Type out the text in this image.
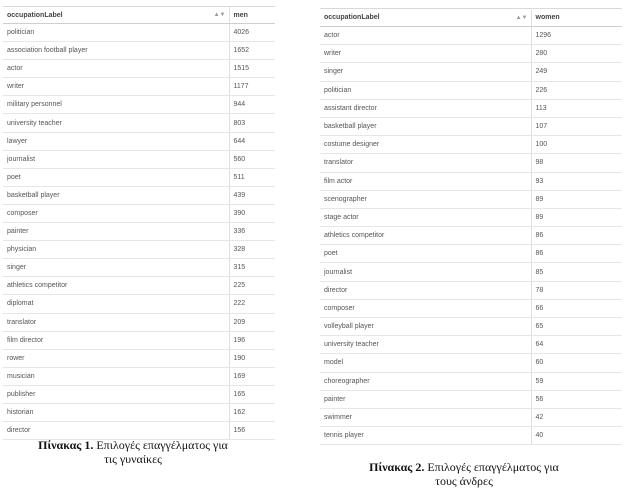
occupationLabel ▲▼	men
politician	4026
association football player	1652
actor	1515
writer	1177
military personnel	944
university teacher	803
lawyer	644
journalist	560
poet	511
basketball player	439
composer	390
painter	336
physician	328
singer	315
athletics competitor	225
diplomat	222
translator	209
film director	196
rower	190
musician	169
publisher	165
historian	162
director	156
occupationLabel ▲▼	women
actor	1296
writer	280
singer	249
politician	226
assistant director	113
basketball player	107
costume designer	100
translator	98
film actor	93
scenographer	89
stage actor	89
athletics competitor	86
poet	86
journalist	85
director	78
composer	66
volleyball player	65
university teacher	64
model	60
choreographer	59
painter	56
swimmer	42
tennis player	40
Πίνακας 1. Επιλογές επαγγέλματος για
τις γυναίκες
Πίνακας 2. Επιλογές επαγγέλματος για
τους άνδρες
